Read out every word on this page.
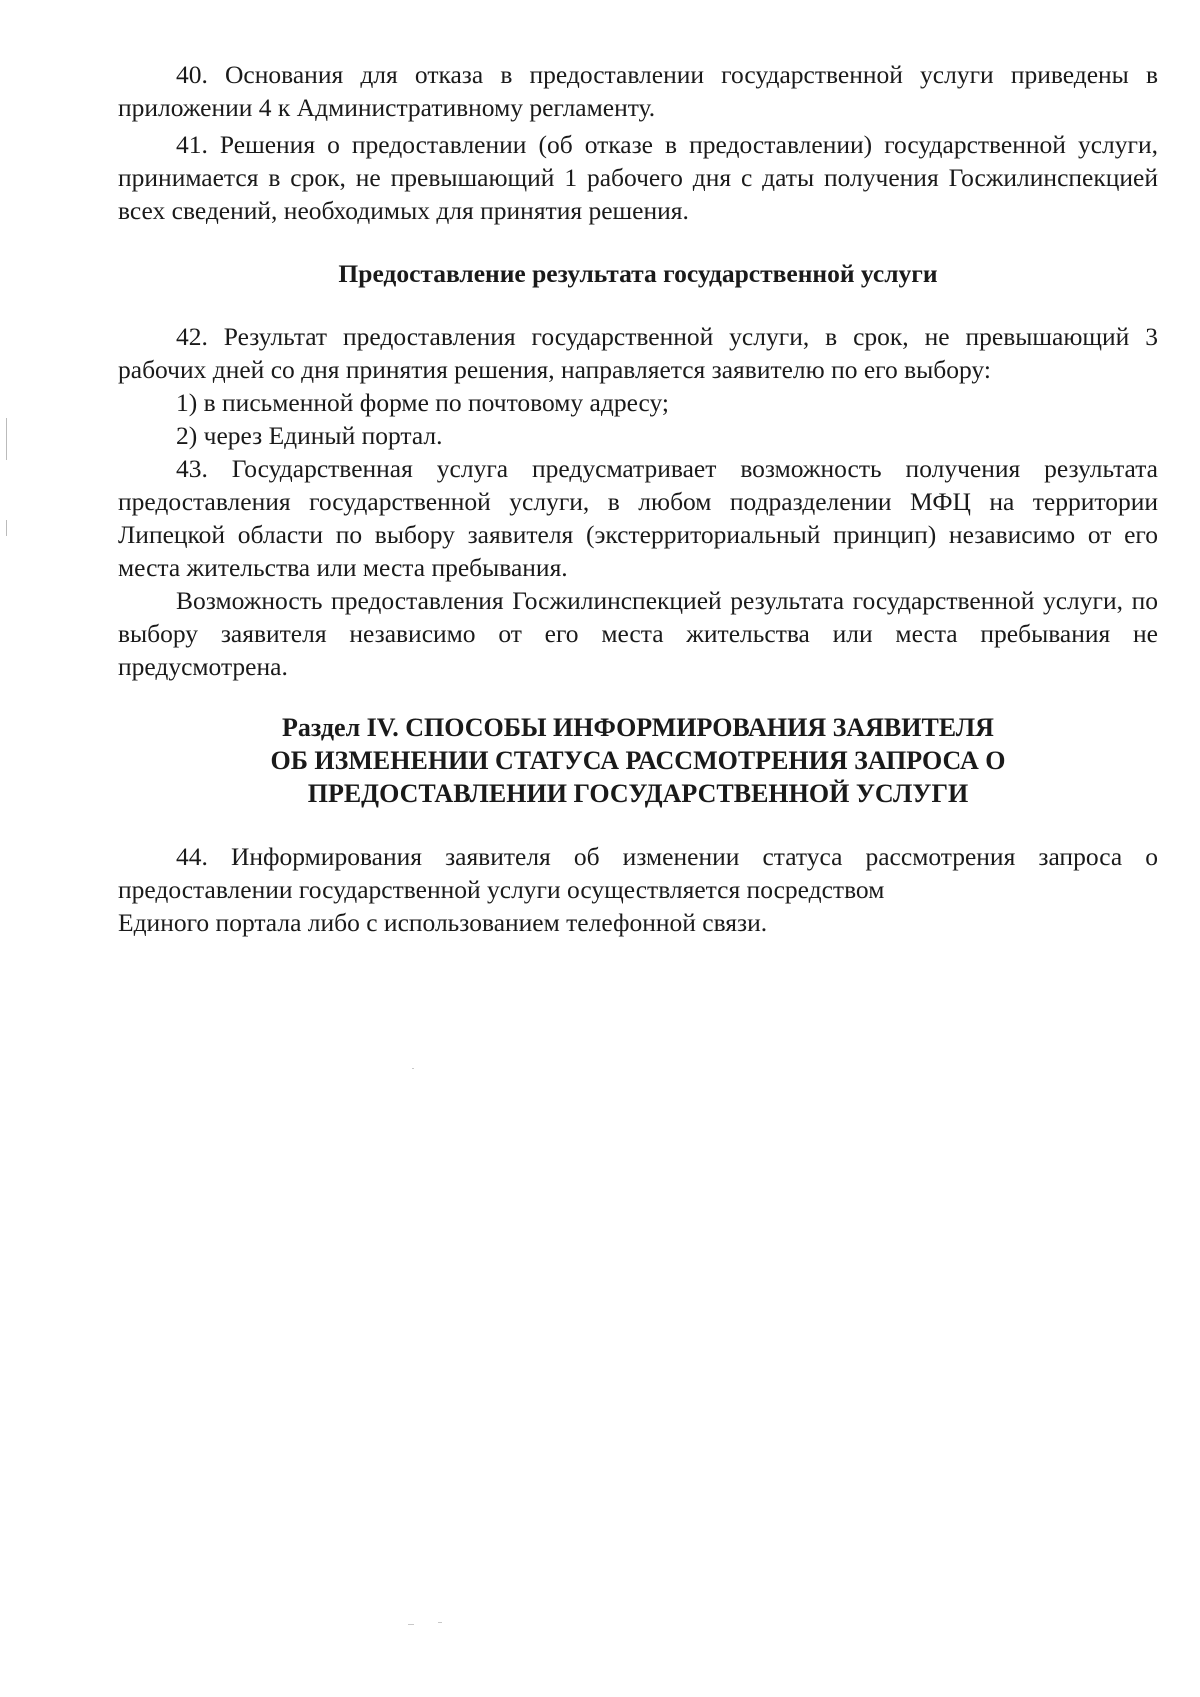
40. Основания для отказа в предоставлении государственной услуги приведены в приложении 4 к Административному регламенту.

41. Решения о предоставлении (об отказе в предоставлении) государственной услуги, принимается в срок, не превышающий 1 рабочего дня с даты получения Госжилинспекцией всех сведений, необходимых для принятия решения.

Предоставление результата государственной услуги

42. Результат предоставления государственной услуги, в срок, не превышающий 3 рабочих дней со дня принятия решения, направляется заявителю по его выбору:

1) в письменной форме по почтовому адресу;

2) через Единый портал.

43. Государственная услуга предусматривает возможность получения результата предоставления государственной услуги, в любом подразделении МФЦ на территории Липецкой области по выбору заявителя (экстерриториальный принцип) независимо от его места жительства или места пребывания.

Возможность предоставления Госжилинспекцией результата государственной услуги, по выбору заявителя независимо от его места жительства или места пребывания не предусмотрена.

Раздел IV. СПОСОБЫ ИНФОРМИРОВАНИЯ ЗАЯВИТЕЛЯ
ОБ ИЗМЕНЕНИИ СТАТУСА РАССМОТРЕНИЯ ЗАПРОСА О
ПРЕДОСТАВЛЕНИИ ГОСУДАРСТВЕННОЙ УСЛУГИ

44. Информирования заявителя об изменении статуса рассмотрения запроса о предоставлении государственной услуги осуществляется посредством

Единого портала либо с использованием телефонной связи.
